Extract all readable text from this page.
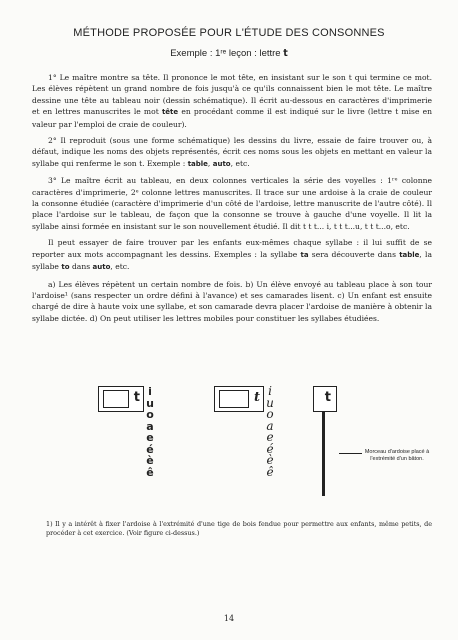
MÉTHODE PROPOSÉE POUR L'ÉTUDE DES CONSONNES
Exemple : 1ʳᵉ leçon : lettre t

1° Le maître montre sa tête. Il prononce le mot tête, en insistant sur le son t qui termine ce mot. Les élèves répètent un grand nombre de fois jusqu'à ce qu'ils connaissent bien le mot tête. Le maître dessine une tête au tableau noir (dessin schématique). Il écrit au-dessous en caractères d'imprimerie et en lettres manuscrites le mot tête en procédant comme il est indiqué sur le livre (lettre t mise en valeur par l'emploi de craie de couleur).

2° Il reproduit (sous une forme schématique) les dessins du livre, essaie de faire trouver ou, à défaut, indique les noms des objets représentés, écrit ces noms sous les objets en mettant en valeur la syllabe qui renferme le son t. Exemple : table, auto, etc.

3° Le maître écrit au tableau, en deux colonnes verticales la série des voyelles : 1ʳᵉ colonne caractères d'imprimerie, 2ᵉ colonne lettres manuscrites. Il trace sur une ardoise à la craie de couleur la consonne étudiée (caractère d'imprimerie d'un côté de l'ardoise, lettre manuscrite de l'autre côté). Il place l'ardoise sur le tableau, de façon que la consonne se trouve à gauche d'une voyelle. Il lit la syllabe ainsi formée en insistant sur le son nouvellement étudié. Il dit t t t... i, t t t...u, t t t...o, etc.

Il peut essayer de faire trouver par les enfants eux-mêmes chaque syllabe : il lui suffit de se reporter aux mots accompagnant les dessins. Exemples : la syllabe ta sera découverte dans table, la syllabe to dans auto, etc.

a) Les élèves répètent un certain nombre de fois. b) Un élève envoyé au tableau place à son tour l'ardoise¹ (sans respecter un ordre défini à l'avance) et ses camarades lisent. c) Un enfant est ensuite chargé de dire à haute voix une syllabe, et son camarade devra placer l'ardoise de manière à obtenir la syllabe dictée. d) On peut utiliser les lettres mobiles pour constituer les syllabes étudiées.

t i
u
o
a
e
é
è
ê
t i
u
o
a
e
é
è
ê
t
Morceau d'ardoise placé à l'extrémité d'un bâton.
1) Il y a intérêt à fixer l'ardoise à l'extrémité d'une tige de bois fendue pour permettre aux enfants, même petits, de procéder à cet exercice. (Voir figure ci-dessus.)
14
